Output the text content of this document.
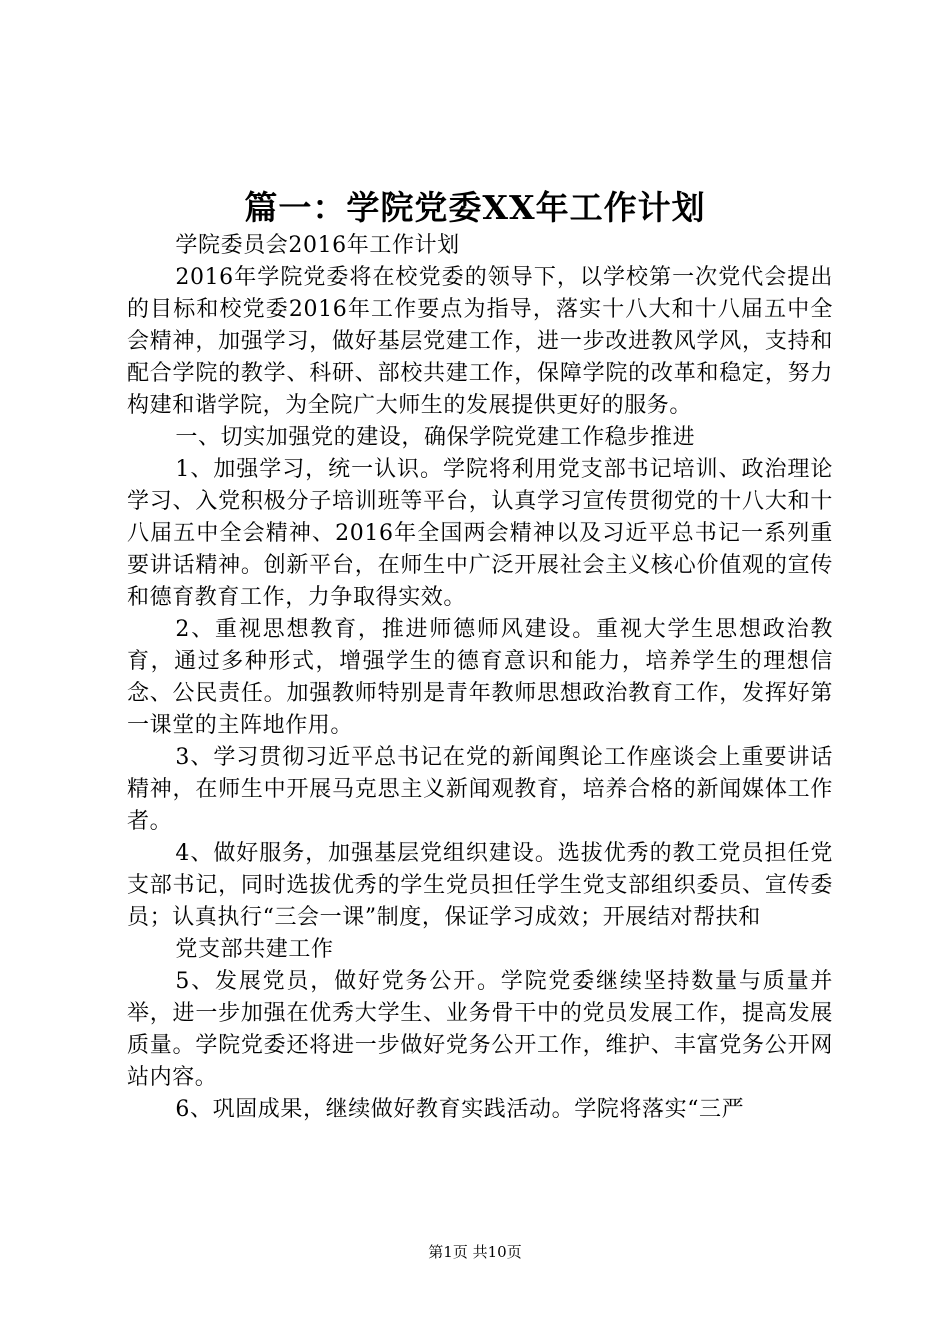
篇一：学院党委XX年工作计划

学院委员会2016年工作计划

2016年学院党委将在校党委的领导下，以学校第一次党代会提出的目标和校党委2016年工作要点为指导，落实十八大和十八届五中全会精神，加强学习，做好基层党建工作，进一步改进教风学风，支持和配合学院的教学、科研、部校共建工作，保障学院的改革和稳定，努力构建和谐学院，为全院广大师生的发展提供更好的服务。

一、切实加强党的建设，确保学院党建工作稳步推进

1、加强学习，统一认识。学院将利用党支部书记培训、政治理论学习、入党积极分子培训班等平台，认真学习宣传贯彻党的十八大和十八届五中全会精神、2016年全国两会精神以及习近平总书记一系列重要讲话精神。创新平台，在师生中广泛开展社会主义核心价值观的宣传和德育教育工作，力争取得实效。

2、重视思想教育，推进师德师风建设。重视大学生思想政治教育，通过多种形式，增强学生的德育意识和能力，培养学生的理想信念、公民责任。加强教师特别是青年教师思想政治教育工作，发挥好第一课堂的主阵地作用。

3、学习贯彻习近平总书记在党的新闻舆论工作座谈会上重要讲话精神，在师生中开展马克思主义新闻观教育，培养合格的新闻媒体工作者。

4、做好服务，加强基层党组织建设。选拔优秀的教工党员担任党支部书记，同时选拔优秀的学生党员担任学生党支部组织委员、宣传委员；认真执行“三会一课”制度，保证学习成效；开展结对帮扶和

党支部共建工作

5、发展党员，做好党务公开。学院党委继续坚持数量与质量并举，进一步加强在优秀大学生、业务骨干中的党员发展工作，提高发展质量。学院党委还将进一步做好党务公开工作，维护、丰富党务公开网站内容。

6、巩固成果，继续做好教育实践活动。学院将落实“三严

第1页 共10页
